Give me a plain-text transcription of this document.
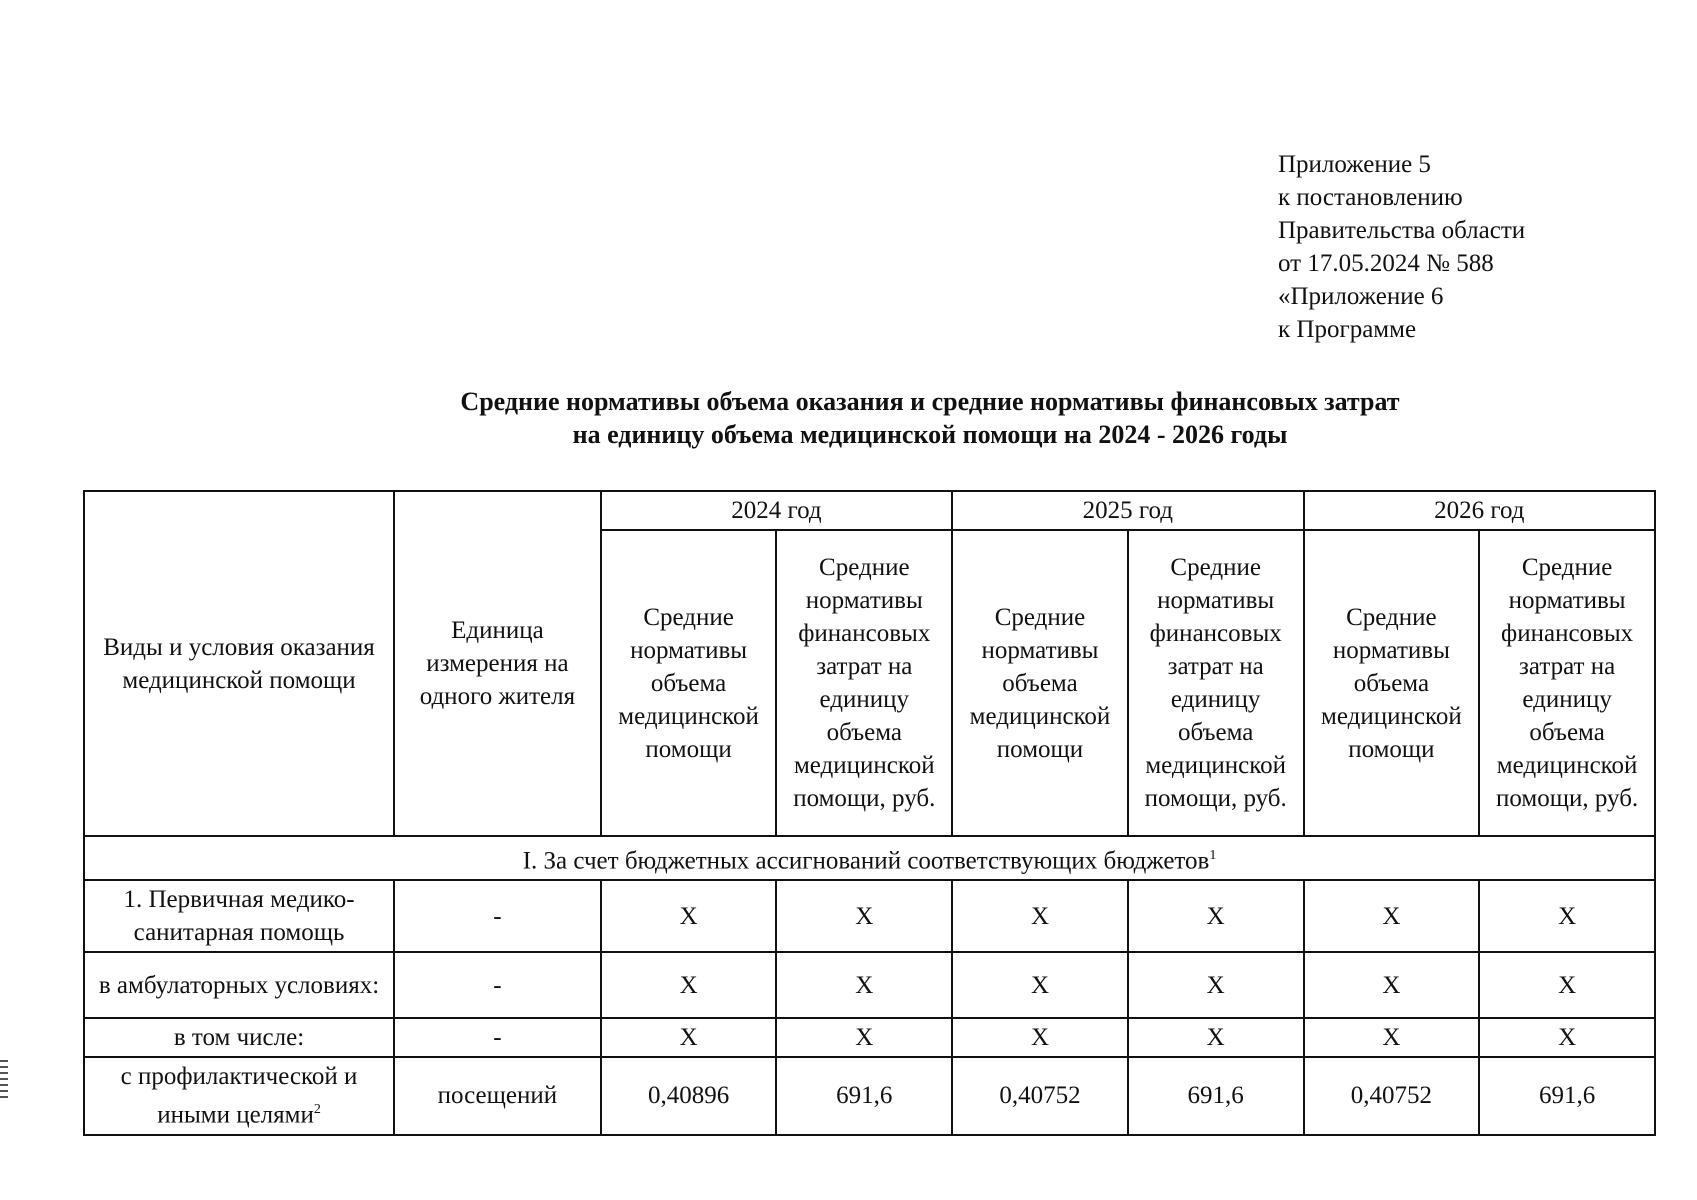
Приложение 5
к постановлению
Правительства области
от 17.05.2024 № 588
«Приложение 6
к Программе
Средние нормативы объема оказания и средние нормативы финансовых затрат
на единицу объема медицинской помощи на 2024 - 2026 годы
Виды и условия оказания медицинской помощи	Единица измерения на одного жителя	2024 год		2025 год		2026 год	
		Средние нормативы объема медицинской помощи	Средние нормативы финансовых затрат на единицу объема медицинской помощи, руб.	Средние нормативы объема медицинской помощи	Средние нормативы финансовых затрат на единицу объема медицинской помощи, руб.	Средние нормативы объема медицинской помощи	Средние нормативы финансовых затрат на единицу объема медицинской помощи, руб.
I. За счет бюджетных ассигнований соответствующих бюджетов$^1$
1. Первичная медико-санитарная помощь	-	Х	Х	Х	Х	Х	Х
в амбулаторных условиях:	-	Х	Х	Х	Х	Х	Х
в том числе:	-	Х	Х	Х	Х	Х	Х
с профилактической и иными целями$^2$	посещений	0,40896	691,6	0,40752	691,6	0,40752	691,6
